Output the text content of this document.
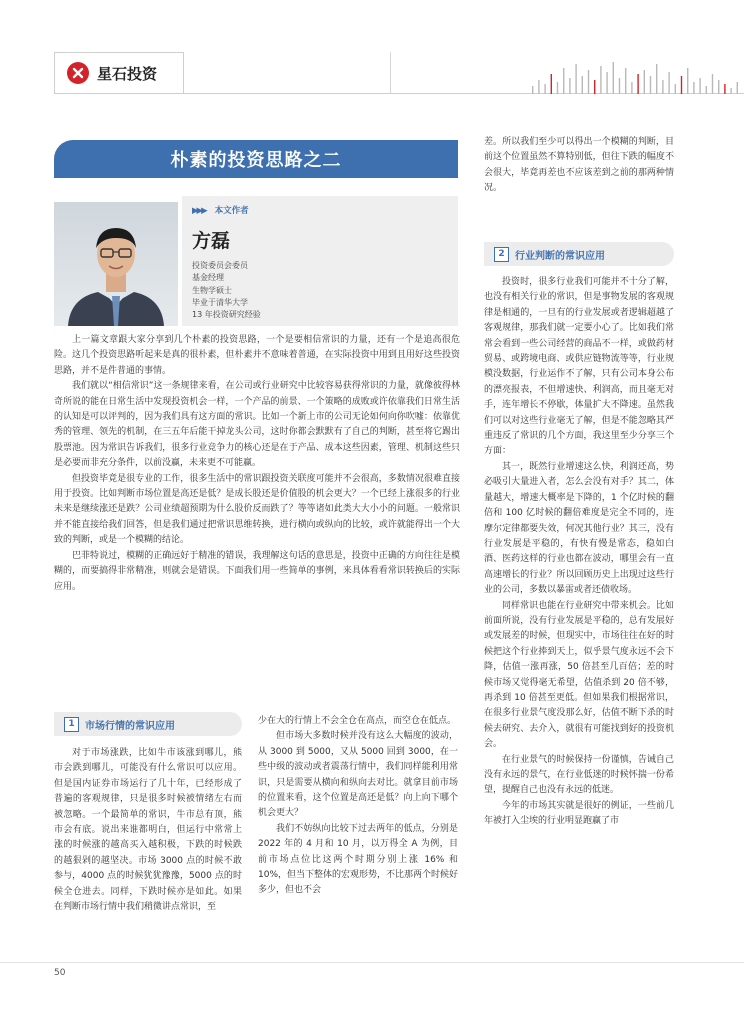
星石投资
朴素的投资思路之二
▶▶▶ 本文作者
方磊
投资委员会委员
基金经理
生物学硕士
毕业于清华大学
13 年投资研究经验

上一篇文章跟大家分享到几个朴素的投资思路，一个是要相信常识的力量，还有一个是追高很危险。这几个投资思路听起来是真的很朴素，但朴素并不意味着普通，在实际投资中用到且用好这些投资思路，并不是件普通的事情。

我们就以“相信常识”这一条规律来看，在公司或行业研究中比较容易获得常识的力量，就像彼得林奇所说的能在日常生活中发现投资机会一样，一个产品的前景、一个策略的成败或许依靠我们日常生活的认知是可以评判的，因为我们具有这方面的常识。比如一个新上市的公司无论如何向你吹嘘：依靠优秀的管理、领先的机制，在三五年后能干掉龙头公司，这时你都会默默有了自己的判断，甚至将它踢出股票池。因为常识告诉我们，很多行业竞争力的核心还是在于产品、成本这些因素，管理、机制这些只是必要而非充分条件，以前没赢，未来更不可能赢。

但投资毕竟是很专业的工作，很多生活中的常识跟投资关联度可能并不会很高，多数情况很难直接用于投资。比如判断市场位置是高还是低？是成长股还是价值股的机会更大？一个已经上涨很多的行业未来是继续涨还是跌？公司业绩超预期为什么股价反而跌了？等等诸如此类大大小小的问题。一般常识并不能直接给我们回答，但是我们通过把常识思维转换，进行横向或纵向的比较，或许就能得出一个大致的判断，或是一个模糊的结论。

巴菲特说过，模糊的正确远好于精准的错误，我理解这句话的意思是，投资中正确的方向往往是模糊的，而要搞得非常精准，则就会是错误。下面我们用一些简单的事例，来具体看看常识转换后的实际应用。

1	市场行情的常识应用

对于市场涨跌，比如牛市该涨到哪儿，熊市会跌到哪儿，可能没有什么常识可以应用。但是国内证券市场运行了几十年，已经形成了普遍的客观规律，只是很多时候被情绪左右而被忽略。一个最简单的常识，牛市总有顶，熊市会有底。说出来谁都明白，但运行中常常上涨的时候涨的越高买入越积极，下跌的时候跌的越狠剁的越坚决。市场 3000 点的时候不敢参与，4000 点的时候犹犹豫豫，5000 点的时候全仓进去。同样，下跌时候亦是如此。如果在判断市场行情中我们稍微讲点常识，至

少在大的行情上不会全仓在高点，而空仓在低点。

但市场大多数时候并没有这么大幅度的波动，从 3000 到 5000，又从 5000 回到 3000，在一些中级的波动或者震荡行情中，我们同样能利用常识，只是需要从横向和纵向去对比。就拿目前市场的位置来看，这个位置是高还是低？向上向下哪个机会更大？

我们不妨纵向比较下过去两年的低点，分别是 2022 年的 4 月和 10 月，以万得全 A 为例，目前市场点位比这两个时期分别上涨 16% 和 10%，但当下整体的宏观形势，不比那两个时候好多少，但也不会

差。所以我们至少可以得出一个模糊的判断，目前这个位置虽然不算特别低，但往下跌的幅度不会很大，毕竟再差也不应该差到之前的那两种情况。

2	行业判断的常识应用

投资时，很多行业我们可能并不十分了解，也没有相关行业的常识，但是事物发展的客观规律是相通的，一旦有的行业发展或者逻辑超越了客观规律，那我们就一定要小心了。比如我们常常会看到一些公司经营的商品不一样，或做药材贸易、或跨境电商、或供应链物流等等，行业规模没数据，行业运作不了解，只有公司本身公布的漂亮报表，不但增速快、利润高，而且毫无对手，连年增长不停歇，体量扩大不降速。虽然我们可以对这些行业毫无了解，但是不能忽略其严重违反了常识的几个方面，我这里至少分享三个方面：

其一，既然行业增速这么快，利润还高，势必吸引大量进入者，怎么会没有对手？其二，体量越大，增速大概率是下降的，1 个亿时候的翻倍和 100 亿时候的翻倍难度是完全不同的，连摩尔定律都要失效，何况其他行业？其三，没有行业发展是平稳的，有快有慢是常态，稳如白酒、医药这样的行业也都在波动，哪里会有一直高速增长的行业？所以回顾历史上出现过这些行业的公司，多数以暴雷或者还债收场。

同样常识也能在行业研究中带来机会。比如前面所说，没有行业发展是平稳的，总有发展好或发展差的时候，但现实中，市场往往在好的时候把这个行业捧到天上，似乎景气度永远不会下降，估值一涨再涨，50 倍甚至几百倍；差的时候市场又觉得毫无希望，估值杀到 20 倍不够，再杀到 10 倍甚至更低。但如果我们根据常识，在很多行业景气度没那么好，估值不断下杀的时候去研究、去介入，就很有可能找到好的投资机会。

在行业景气的时候保持一份谨慎，告诫自己没有永远的景气，在行业低迷的时候怀揣一份希望，提醒自己也没有永远的低迷。

今年的市场其实就是很好的例证，一些前几年被打入尘埃的行业明显跑赢了市

50
